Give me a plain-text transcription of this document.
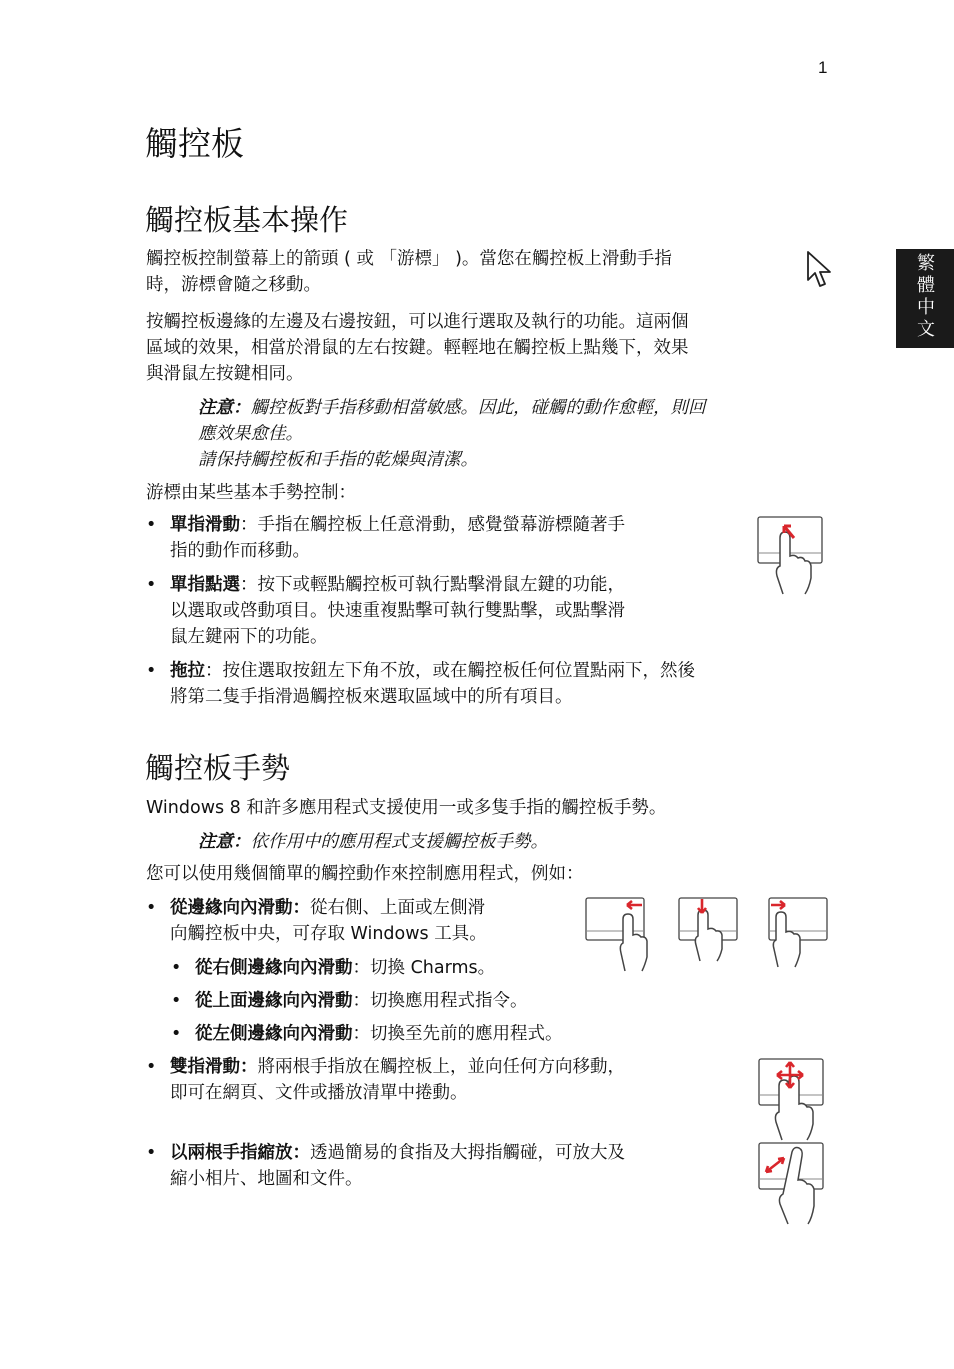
1
繁體中文
觸控板
觸控板基本操作

觸控板控制螢幕上的箭頭 ( 或 「游標」 )。當您在觸控板上滑動手指
時，游標會隨之移動。

按觸控板邊緣的左邊及右邊按鈕，可以進行選取及執行的功能。這兩個
區域的效果，相當於滑鼠的左右按鍵。輕輕地在觸控板上點幾下，效果
與滑鼠左按鍵相同。

注意：觸控板對手指移動相當敏感。因此，碰觸的動作愈輕，則回
應效果愈佳。
請保持觸控板和手指的乾燥與清潔。

游標由某些基本手勢控制：

• 單指滑動：手指在觸控板上任意滑動，感覺螢幕游標隨著手
指的動作而移動。
• 單指點選：按下或輕點觸控板可執行點擊滑鼠左鍵的功能，
以選取或啓動項目。快速重複點擊可執行雙點擊，或點擊滑
鼠左鍵兩下的功能。
• 拖拉：按住選取按鈕左下角不放，或在觸控板任何位置點兩下，然後
將第二隻手指滑過觸控板來選取區域中的所有項目。
觸控板手勢

Windows 8 和許多應用程式支援使用一或多隻手指的觸控板手勢。

注意：依作用中的應用程式支援觸控板手勢。

您可以使用幾個簡單的觸控動作來控制應用程式，例如：

• 從邊緣向內滑動：從右側、上面或左側滑
向觸控板中央，可存取 Windows 工具。
• 從右側邊緣向內滑動：切換 Charms。
• 從上面邊緣向內滑動：切換應用程式指令。
• 從左側邊緣向內滑動：切換至先前的應用程式。
• 雙指滑動：將兩根手指放在觸控板上，並向任何方向移動，
即可在網頁、文件或播放清單中捲動。
• 以兩根手指縮放：透過簡易的食指及大拇指觸碰，可放大及
縮小相片、地圖和文件。
